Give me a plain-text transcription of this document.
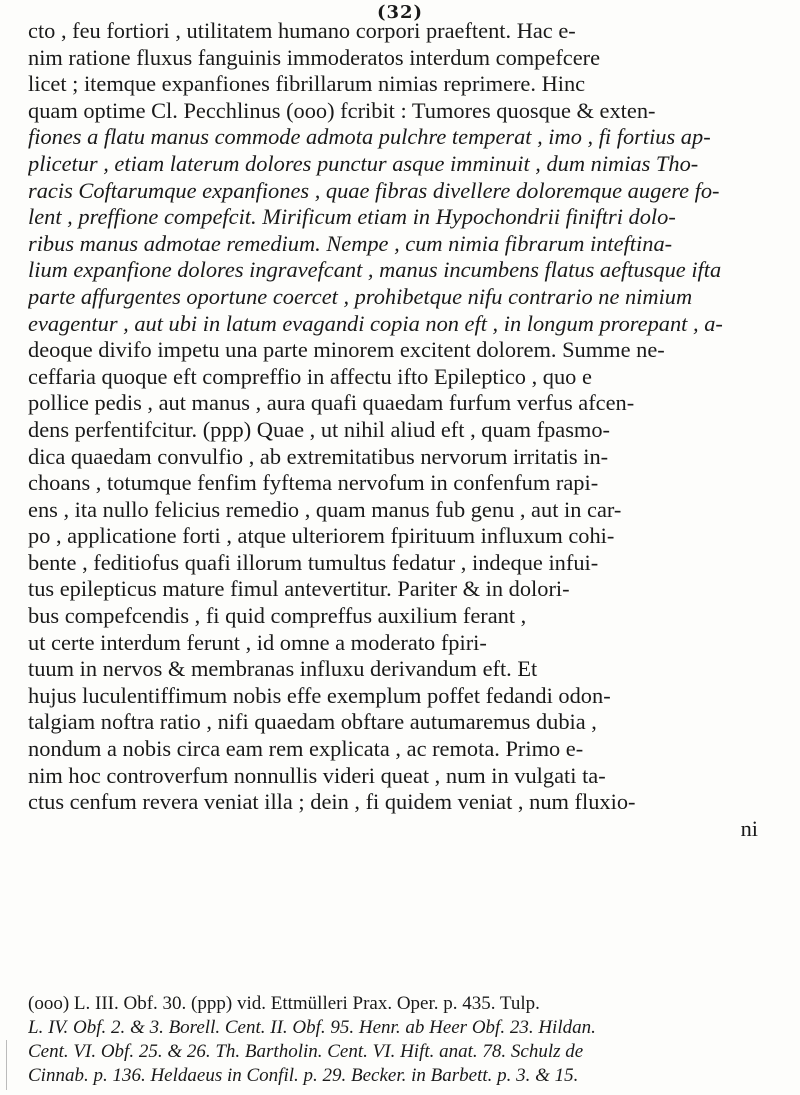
(32)
cto , feu fortiori , utilitatem humano corpori praeftent. Hac e-
nim ratione fluxus fanguinis immoderatos interdum compefcere
licet ; itemque expanfiones fibrillarum nimias reprimere. Hinc
quam optime Cl. Pecchlinus (ooo) fcribit : Tumores quosque & exten-
fiones a flatu manus commode admota pulchre temperat , imo , fi fortius ap-
plicetur , etiam laterum dolores punctur asque imminuit , dum nimias Tho-
racis Coftarumque expanfiones , quae fibras divellere doloremque augere fo-
lent , preffione compefcit. Mirificum etiam in Hypochondrii finiftri dolo-
ribus manus admotae remedium. Nempe , cum nimia fibrarum inteftina-
lium expanfione dolores ingravefcant , manus incumbens flatus aeftusque ifta
parte affurgentes oportune coercet , prohibetque nifu contrario ne nimium
evagentur , aut ubi in latum evagandi copia non eft , in longum prorepant , a-
deoque divifo impetu una parte minorem excitent dolorem. Summe ne-
ceffaria quoque eft compreffio in affectu ifto Epileptico , quo e
pollice pedis , aut manus , aura quafi quaedam furfum verfus afcen-
dens perfentifcitur. (ppp) Quae , ut nihil aliud eft , quam fpasmo-
dica quaedam convulfio , ab extremitatibus nervorum irritatis in-
choans , totumque fenfim fyftema nervofum in confenfum rapi-
ens , ita nullo felicius remedio , quam manus fub genu , aut in car-
po , applicatione forti , atque ulteriorem fpirituum influxum cohi-
bente , feditiofus quafi illorum tumultus fedatur , indeque infui-
tus epilepticus mature fimul antevertitur. Pariter & in dolori-
bus compefcendis , fi quid compreffus auxilium ferant ,
ut certe interdum ferunt , id omne a moderato fpiri-
tuum in nervos & membranas influxu derivandum eft. Et
hujus luculentiffimum nobis effe exemplum poffet fedandi odon-
talgiam noftra ratio , nifi quaedam obftare autumaremus dubia ,
nondum a nobis circa eam rem explicata , ac remota. Primo e-
nim hoc controverfum nonnullis videri queat , num in vulgati ta-
ctus cenfum revera veniat illa ; dein , fi quidem veniat , num fluxio-
ni
(ooo) L. III. Obf. 30. (ppp) vid. Ettmülleri Prax. Oper. p. 435. Tulp.
L. IV. Obf. 2. & 3. Borell. Cent. II. Obf. 95. Henr. ab Heer Obf. 23. Hildan.
Cent. VI. Obf. 25. & 26. Th. Bartholin. Cent. VI. Hift. anat. 78. Schulz de
Cinnab. p. 136. Heldaeus in Confil. p. 29. Becker. in Barbett. p. 3. & 15.
